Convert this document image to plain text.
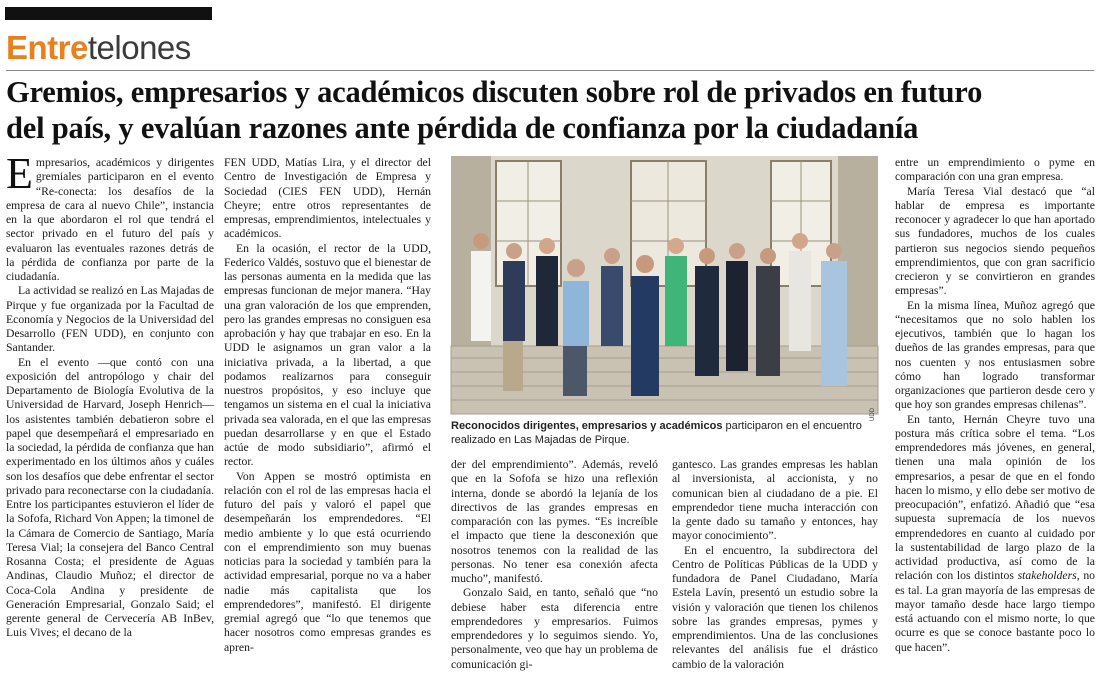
Entretelones
Gremios, empresarios y académicos discuten sobre rol de privados en futuro
del país, y evalúan razones ante pérdida de confianza por la ciudadanía

Empresarios, académicos y dirigentes gremiales participaron en el evento “Re-conecta: los desafíos de la empresa de cara al nuevo Chile”, instancia en la que abordaron el rol que tendrá el sector privado en el futuro del país y evaluaron las eventuales razones detrás de la pérdida de confianza por parte de la ciudadanía.

La actividad se realizó en Las Majadas de Pirque y fue organizada por la Facultad de Economía y Negocios de la Universidad del Desarrollo (FEN UDD), en conjunto con Santander.

En el evento —que contó con una exposición del antropólogo y chair del Departamento de Biología Evolutiva de la Universidad de Harvard, Joseph Henrich— los asistentes también debatieron sobre el papel que desempeñará el empresariado en la sociedad, la pérdida de confianza que han experimentado en los últimos años y cuáles son los desafíos que debe enfrentar el sector privado para reconectarse con la ciudadanía. Entre los participantes estuvieron el líder de la Sofofa, Richard Von Appen; la timonel de la Cámara de Comercio de Santiago, María Teresa Vial; la consejera del Banco Central Rosanna Costa; el presidente de Aguas Andinas, Claudio Muñoz; el director de Coca-Cola Andina y presidente de Generación Empresarial, Gonzalo Said; el gerente general de Cervecería AB InBev, Luis Vives; el decano de la

FEN UDD, Matías Lira, y el director del Centro de Investigación de Empresa y Sociedad (CIES FEN UDD), Hernán Cheyre; entre otros representantes de empresas, emprendimientos, intelectuales y académicos.

En la ocasión, el rector de la UDD, Federico Valdés, sostuvo que el bienestar de las personas aumenta en la medida que las empresas funcionan de mejor manera. “Hay una gran valoración de los que emprenden, pero las grandes empresas no consiguen esa aprobación y hay que trabajar en eso. En la UDD le asignamos un gran valor a la iniciativa privada, a la libertad, a que podamos realizarnos para conseguir nuestros propósitos, y eso incluye que tengamos un sistema en el cual la iniciativa privada sea valorada, en el que las empresas puedan desarrollarse y en que el Estado actúe de modo subsidiario”, afirmó el rector.

Von Appen se mostró optimista en relación con el rol de las empresas hacia el futuro del país y valoró el papel que desempeñarán los emprendedores. “El medio ambiente y lo que está ocurriendo con el emprendimiento son muy buenas noticias para la sociedad y también para la actividad empresarial, porque no va a haber nadie más capitalista que los emprendedores”, manifestó. El dirigente gremial agregó que “lo que tenemos que hacer nosotros como empresas grandes es apren-

UDD
Reconocidos dirigentes, empresarios y académicos participaron en el encuentro realizado en Las Majadas de Pirque.

der del emprendimiento”. Además, reveló que en la Sofofa se hizo una reflexión interna, donde se abordó la lejanía de los directivos de las grandes empresas en comparación con las pymes. “Es increíble el impacto que tiene la desconexión que nosotros tenemos con la realidad de las personas. No tener esa conexión afecta mucho”, manifestó.

Gonzalo Said, en tanto, señaló que “no debiese haber esta diferencia entre emprendedores y empresarios. Fuimos emprendedores y lo seguimos siendo. Yo, personalmente, veo que hay un problema de comunicación gi-

gantesco. Las grandes empresas les hablan al inversionista, al accionista, y no comunican bien al ciudadano de a pie. El emprendedor tiene mucha interacción con la gente dado su tamaño y entonces, hay mayor conocimiento”.

En el encuentro, la subdirectora del Centro de Políticas Públicas de la UDD y fundadora de Panel Ciudadano, María Estela Lavín, presentó un estudio sobre la visión y valoración que tienen los chilenos sobre las grandes empresas, pymes y emprendimientos. Una de las conclusiones relevantes del análisis fue el drástico cambio de la valoración

entre un emprendimiento o pyme en comparación con una gran empresa.

María Teresa Vial destacó que “al hablar de empresa es importante reconocer y agradecer lo que han aportado sus fundadores, muchos de los cuales partieron sus negocios siendo pequeños emprendimientos, que con gran sacrificio crecieron y se convirtieron en grandes empresas”.

En la misma línea, Muñoz agregó que “necesitamos que no solo hablen los ejecutivos, también que lo hagan los dueños de las grandes empresas, para que nos cuenten y nos entusiasmen sobre cómo han logrado transformar organizaciones que partieron desde cero y que hoy son grandes empresas chilenas”.

En tanto, Hernán Cheyre tuvo una postura más crítica sobre el tema. “Los emprendedores más jóvenes, en general, tienen una mala opinión de los empresarios, a pesar de que en el fondo hacen lo mismo, y ello debe ser motivo de preocupación”, enfatizó. Añadió que “esa supuesta supremacía de los nuevos emprendedores en cuanto al cuidado por la sustentabilidad de largo plazo de la actividad productiva, así como de la relación con los distintos stakeholders, no es tal. La gran mayoría de las empresas de mayor tamaño desde hace largo tiempo está actuando con el mismo norte, lo que ocurre es que se conoce bastante poco lo que hacen”.
